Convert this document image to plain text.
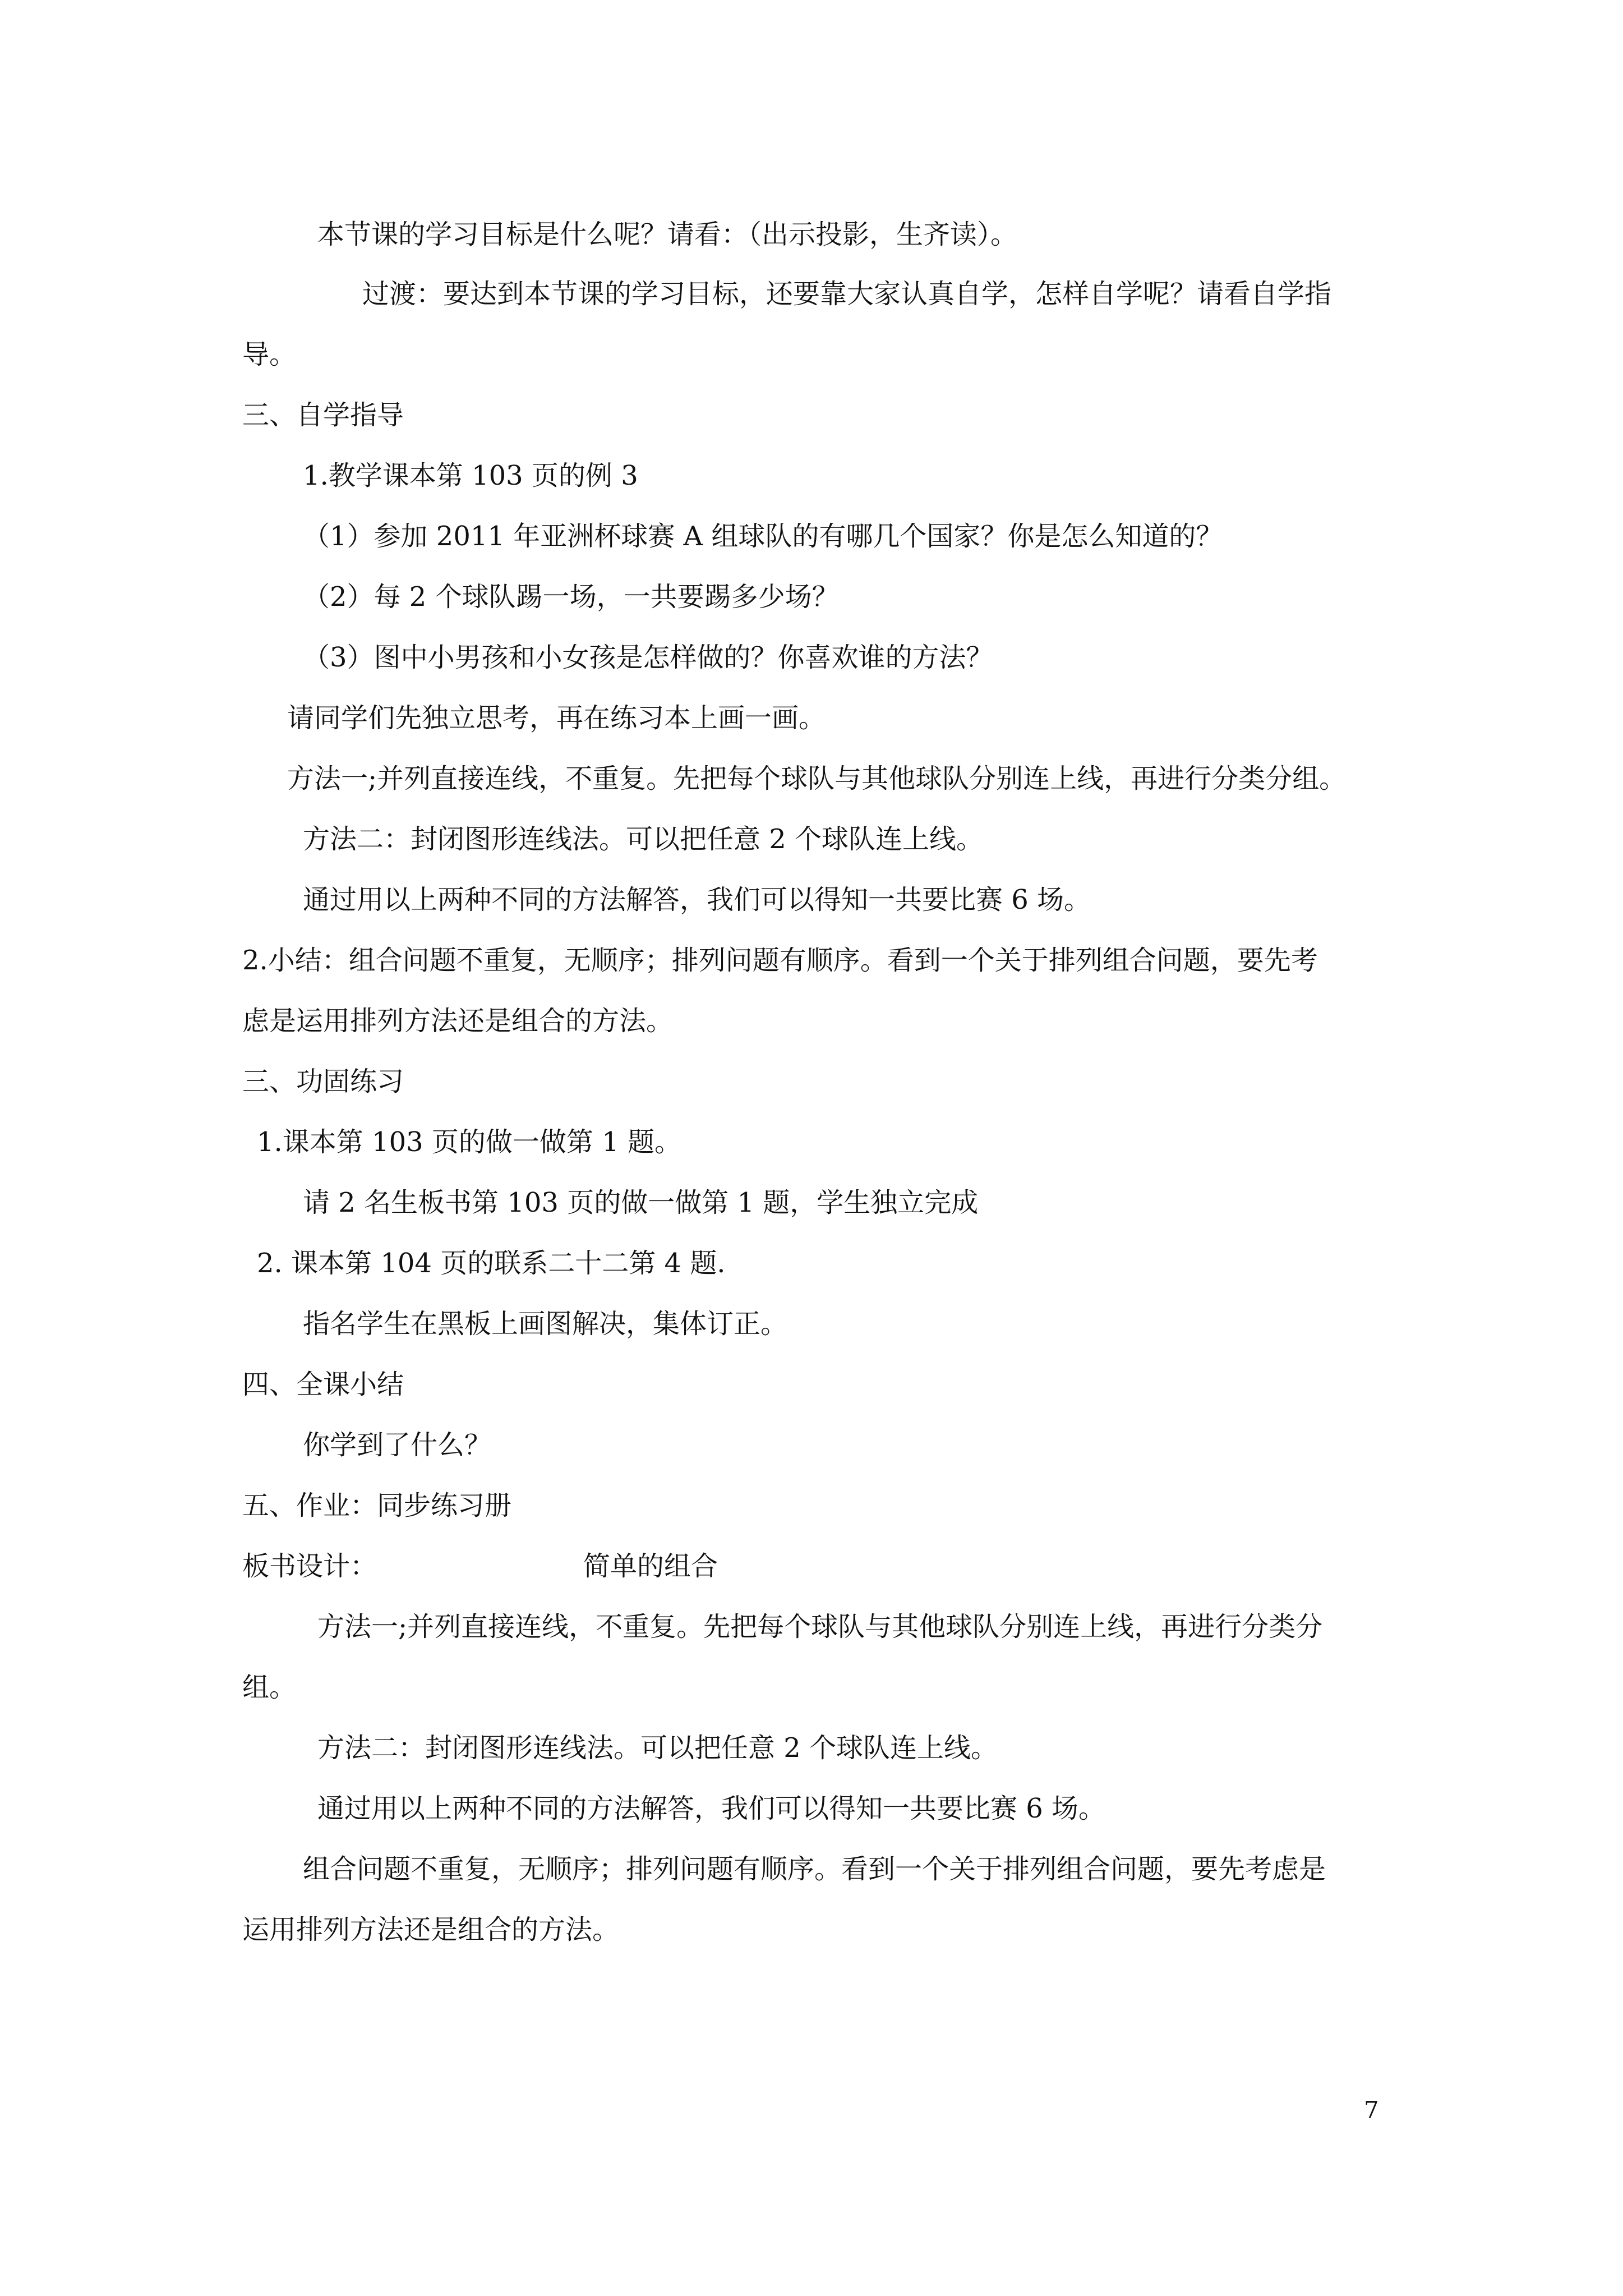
本节课的学习目标是什么呢？请看：（出示投影，生齐读）。
过渡：要达到本节课的学习目标，还要靠大家认真自学，怎样自学呢？请看自学指
导。
三、自学指导
1.教学课本第 103 页的例 3
（1）参加 2011 年亚洲杯球赛 A 组球队的有哪几个国家？你是怎么知道的？
（2）每 2 个球队踢一场，一共要踢多少场？
（3）图中小男孩和小女孩是怎样做的？你喜欢谁的方法？
请同学们先独立思考，再在练习本上画一画。
方法一;并列直接连线，不重复。先把每个球队与其他球队分别连上线，再进行分类分组。
方法二：封闭图形连线法。可以把任意 2 个球队连上线。
通过用以上两种不同的方法解答，我们可以得知一共要比赛 6 场。
2.小结：组合问题不重复，无顺序；排列问题有顺序。看到一个关于排列组合问题，要先考
虑是运用排列方法还是组合的方法。
三、功固练习
1.课本第 103 页的做一做第 1 题。
请 2 名生板书第 103 页的做一做第 1 题，学生独立完成
2. 课本第 104 页的联系二十二第 4 题.
指名学生在黑板上画图解决，集体订正。
四、全课小结
你学到了什么？
五、作业：同步练习册
板书设计：	简单的组合
方法一;并列直接连线，不重复。先把每个球队与其他球队分别连上线，再进行分类分
组。
方法二：封闭图形连线法。可以把任意 2 个球队连上线。
通过用以上两种不同的方法解答，我们可以得知一共要比赛 6 场。
组合问题不重复，无顺序；排列问题有顺序。看到一个关于排列组合问题，要先考虑是
运用排列方法还是组合的方法。
7
